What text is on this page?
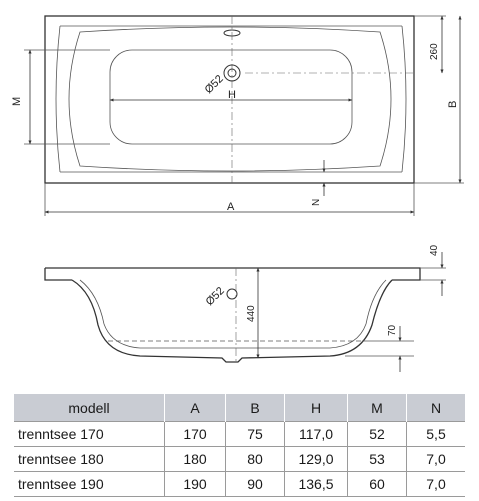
Ø52 H
M
260
B
N
A
Ø52
440
40
70
modell	A	B	H	M	N
trenntsee 170	170	75	117,0	52	5,5
trenntsee 180	180	80	129,0	53	7,0
trenntsee 190	190	90	136,5	60	7,0
